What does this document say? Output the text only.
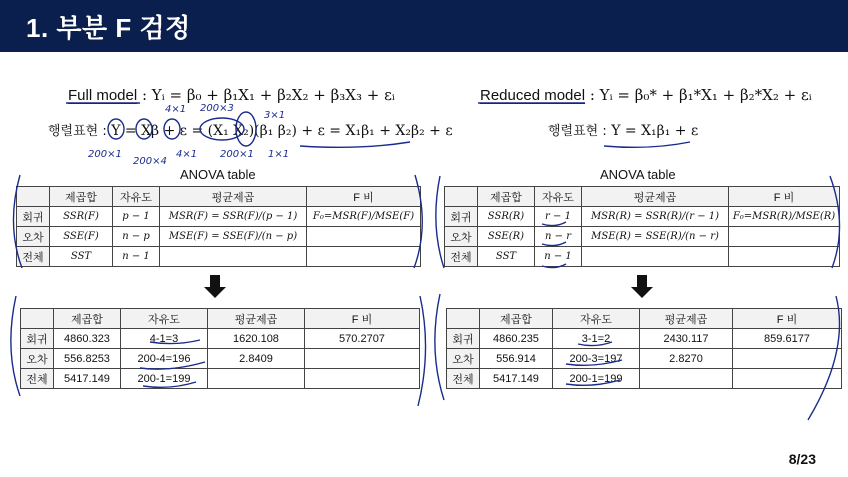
1. 부분 F 검정
Full model : Yᵢ = β₀ + β₁X₁ + β₂X₂ + β₃X₃ + εᵢ
행렬표현 : Y = Xβ + ε = (X₁ X₂)(β₁ β₂) + ε = X₁β₁ + X₂β₂ + ε
4×1 200×3
3×1
200×1
200×4
4×1 200×1 1×1
ANOVA table
	제곱합	자유도	평균제곱	F 비
회귀	SSR(F)	p − 1	MSR(F) = SSR(F)/(p − 1)	F₀=MSR(F)/MSE(F)
오차	SSE(F)	n − p	MSE(F) = SSE(F)/(n − p)	
전체	SST	n − 1		
	제곱합	자유도	평균제곱	F 비
회귀	4860.323	4-1=3	1620.108	570.2707
오차	556.8253	200-4=196	2.8409	
전체	5417.149	200-1=199		
Reduced model : Yᵢ = β₀* + β₁*X₁ + β₂*X₂ + εᵢ
행렬표현 : Y = X₁β₁ + ε
ANOVA table
	제곱합	자유도	평균제곱	F 비
회귀	SSR(R)	r − 1	MSR(R) = SSR(R)/(r − 1)	F₀=MSR(R)/MSE(R)
오차	SSE(R)	n − r	MSE(R) = SSE(R)/(n − r)	
전체	SST	n − 1		
	제곱합	자유도	평균제곱	F 비
회귀	4860.235	3-1=2	2430.117	859.6177
오차	556.914	200-3=197	2.8270	
전체	5417.149	200-1=199		
8/23
